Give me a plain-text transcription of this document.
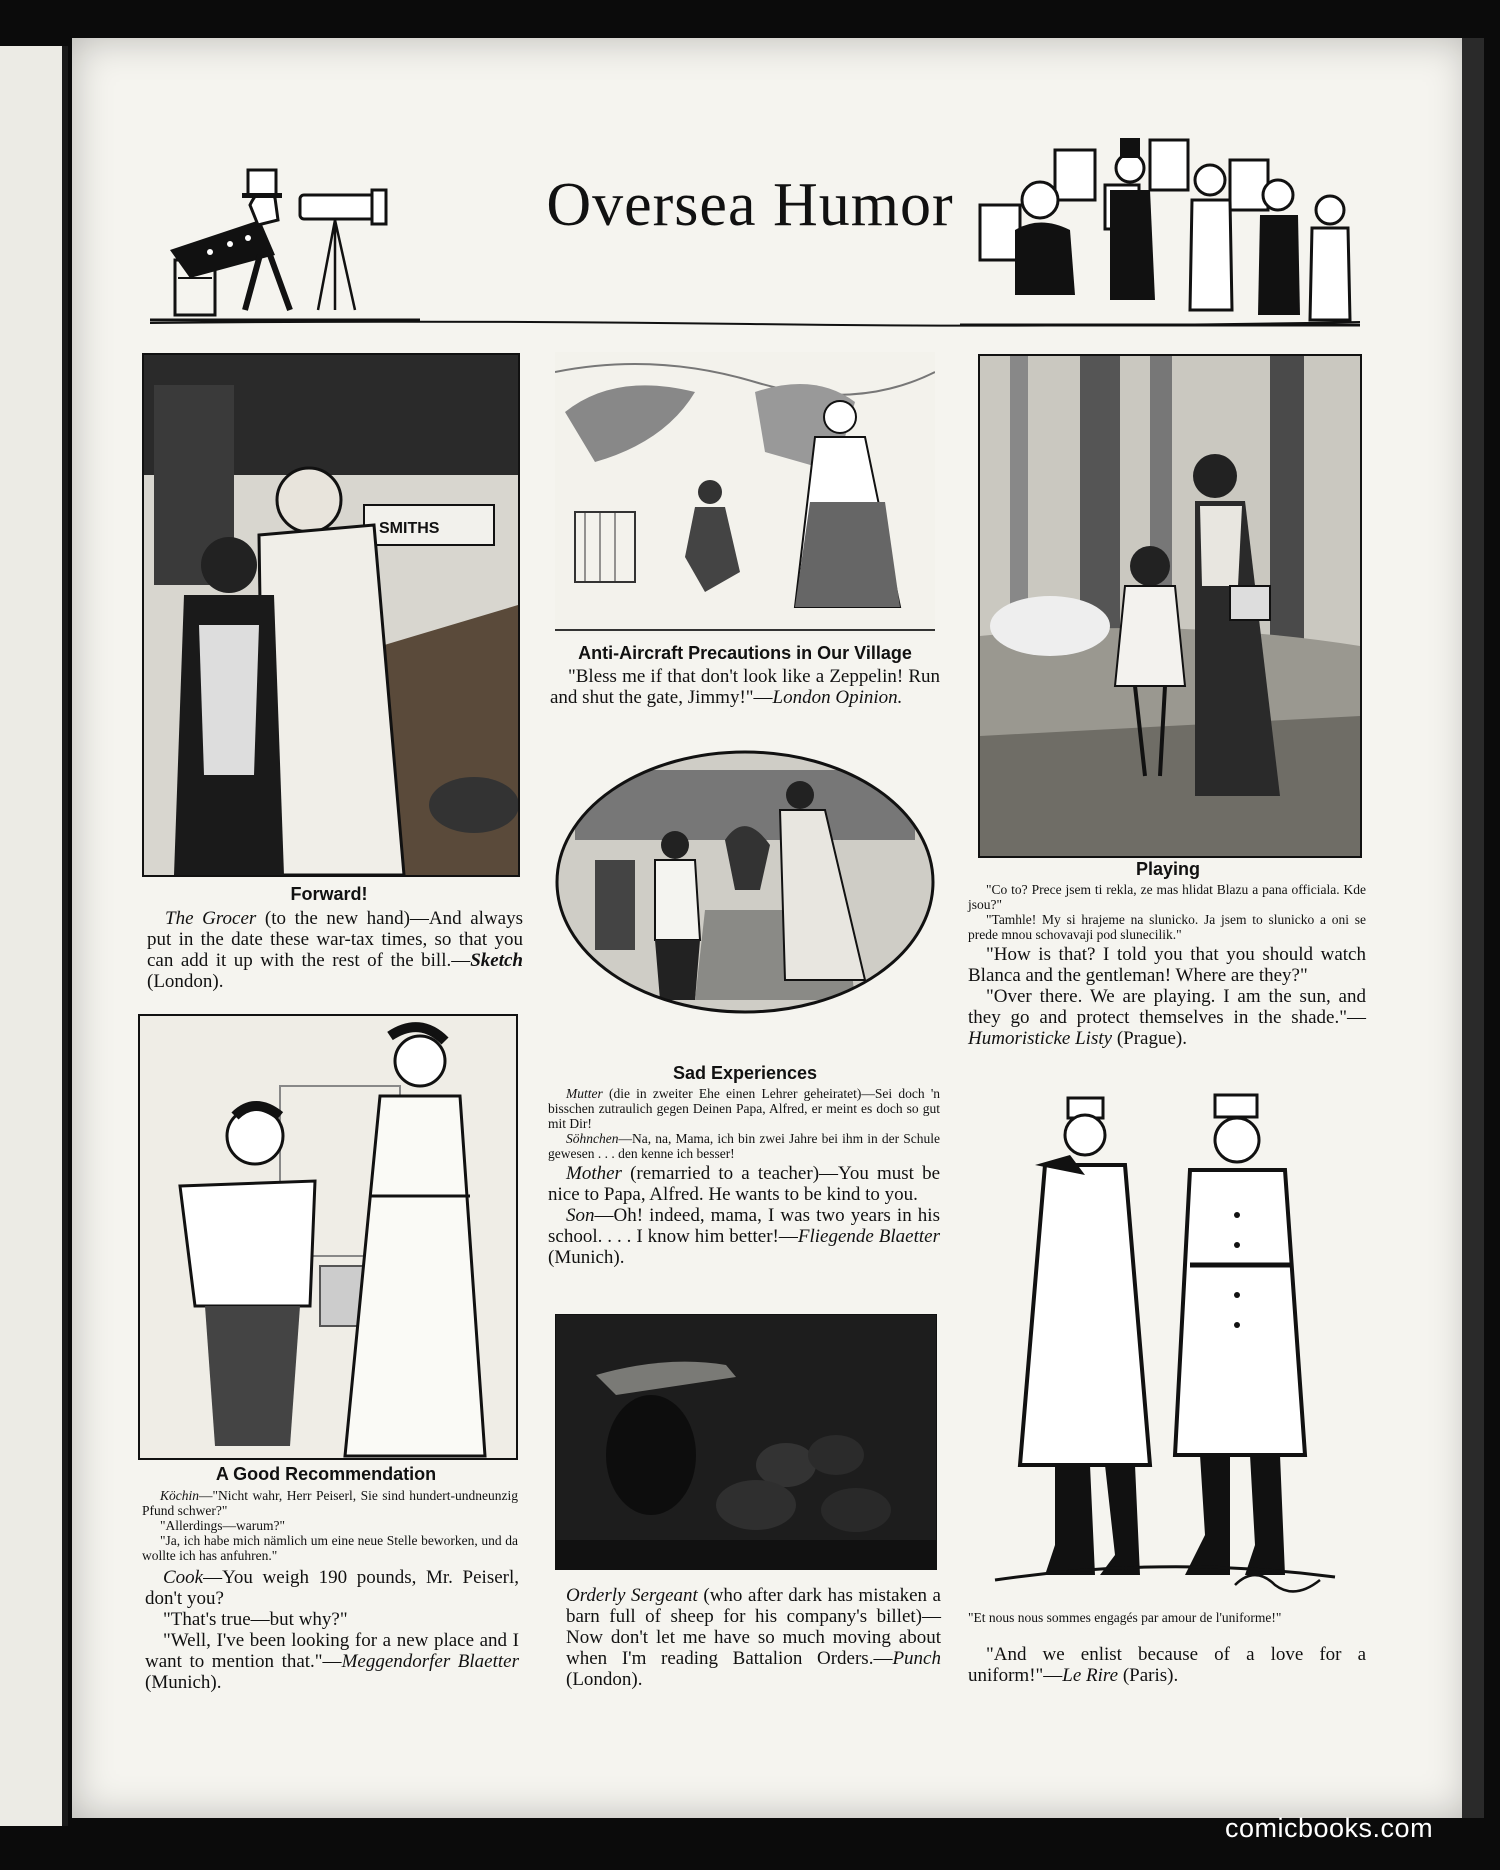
Oversea Humor
SMITHS
Forward!

The Grocer (to the new hand)—And always put in the date these war-tax times, so that you can add it up with the rest of the bill.—Sketch (London).

A Good Recommendation

Köchin—"Nicht wahr, Herr Peiserl, Sie sind hundert-undneunzig Pfund schwer?"

"Allerdings—warum?"

"Ja, ich habe mich nämlich um eine neue Stelle beworken, und da wollte ich has anfuhren."

Cook—You weigh 190 pounds, Mr. Peiserl, don't you?

"That's true—but why?"

"Well, I've been looking for a new place and I want to mention that."—Meggendorfer Blaetter (Munich).

Anti-Aircraft Precautions in Our Village

"Bless me if that don't look like a Zeppelin! Run and shut the gate, Jimmy!"—London Opinion.

Sad Experiences

Mutter (die in zweiter Ehe einen Lehrer geheiratet)—Sei doch 'n bisschen zutraulich gegen Deinen Papa, Alfred, er meint es doch so gut mit Dir!

Söhnchen—Na, na, Mama, ich bin zwei Jahre bei ihm in der Schule gewesen . . . den kenne ich besser!

Mother (remarried to a teacher)—You must be nice to Papa, Alfred. He wants to be kind to you.

Son—Oh! indeed, mama, I was two years in his school. . . . I know him better!—Fliegende Blaetter (Munich).

Orderly Sergeant (who after dark has mistaken a barn full of sheep for his company's billet)—Now don't let me have so much moving about when I'm reading Battalion Orders.—Punch (London).

Playing

"Co to? Prece jsem ti rekla, ze mas hlidat Blazu a pana officiala. Kde jsou?"

"Tamhle! My si hrajeme na slunicko. Ja jsem to slunicko a oni se prede mnou schovavaji pod slunecilik."

"How is that? I told you that you should watch Blanca and the gentleman! Where are they?"

"Over there. We are playing. I am the sun, and they go and protect themselves in the shade."—Humoristicke Listy (Prague).

"Et nous nous sommes engagés par amour de l'uniforme!"

"And we enlist because of a love for a uniform!"—Le Rire (Paris).

comicbooks.com
